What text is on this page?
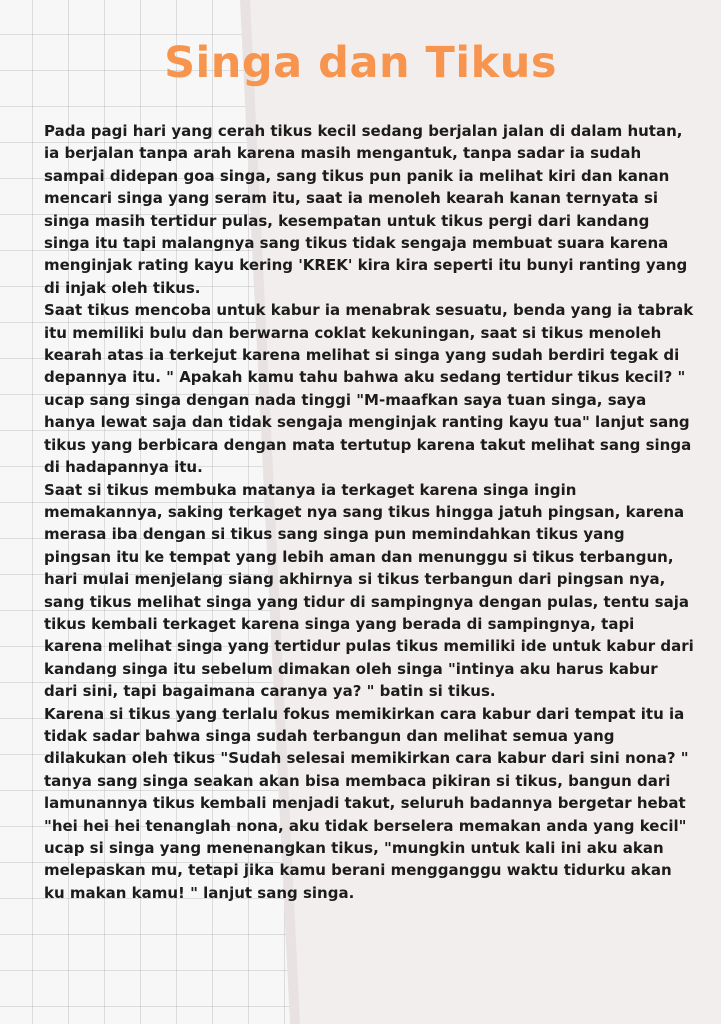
Singa dan Tikus

Pada pagi hari yang cerah tikus kecil sedang berjalan jalan di dalam hutan, ia berjalan tanpa arah karena masih mengantuk, tanpa sadar ia sudah sampai didepan goa singa, sang tikus pun panik ia melihat kiri dan kanan mencari singa yang seram itu, saat ia menoleh kearah kanan ternyata si singa masih tertidur pulas, kesempatan untuk tikus pergi dari kandang singa itu tapi malangnya sang tikus tidak sengaja membuat suara karena menginjak rating kayu kering 'KREK' kira kira seperti itu bunyi ranting yang di injak oleh tikus.

Saat tikus mencoba untuk kabur ia menabrak sesuatu, benda yang ia tabrak itu memiliki bulu dan berwarna coklat kekuningan, saat si tikus menoleh kearah atas ia terkejut karena melihat si singa yang sudah berdiri tegak di depannya itu. " Apakah kamu tahu bahwa aku sedang tertidur tikus kecil? " ucap sang singa dengan nada tinggi "M-maafkan saya tuan singa, saya hanya lewat saja dan tidak sengaja menginjak ranting kayu tua" lanjut sang tikus yang berbicara dengan mata tertutup karena takut melihat sang singa di hadapannya itu.

Saat si tikus membuka matanya ia terkaget karena singa ingin memakannya, saking terkaget nya sang tikus hingga jatuh pingsan, karena merasa iba dengan si tikus sang singa pun memindahkan tikus yang pingsan itu ke tempat yang lebih aman dan menunggu si tikus terbangun, hari mulai menjelang siang akhirnya si tikus terbangun dari pingsan nya, sang tikus melihat singa yang tidur di sampingnya dengan pulas, tentu saja tikus kembali terkaget karena singa yang berada di sampingnya, tapi karena melihat singa yang tertidur pulas tikus memiliki ide untuk kabur dari kandang singa itu sebelum dimakan oleh singa "intinya aku harus kabur dari sini, tapi bagaimana caranya ya? " batin si tikus.

Karena si tikus yang terlalu fokus memikirkan cara kabur dari tempat itu ia tidak sadar bahwa singa sudah terbangun dan melihat semua yang dilakukan oleh tikus "Sudah selesai memikirkan cara kabur dari sini nona? " tanya sang singa seakan akan bisa membaca pikiran si tikus, bangun dari lamunannya tikus kembali menjadi takut, seluruh badannya bergetar hebat "hei hei hei tenanglah nona, aku tidak berselera memakan anda yang kecil" ucap si singa yang menenangkan tikus, "mungkin untuk kali ini aku akan melepaskan mu, tetapi jika kamu berani mengganggu waktu tidurku akan ku makan kamu! " lanjut sang singa.
